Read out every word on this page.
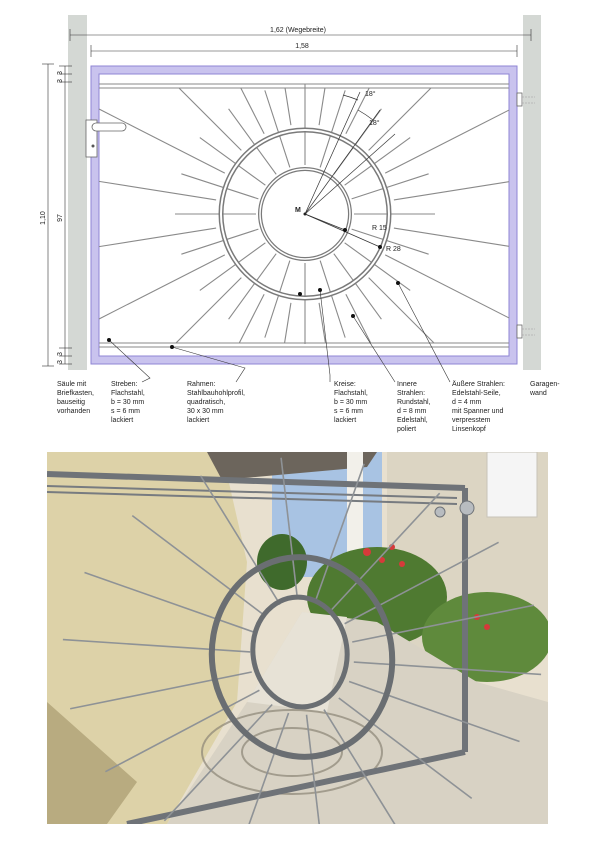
18°
18°
M
R 15
R 28
1,62 (Wegebreite)
1,58
1,10 97
3
3
3
3
Säule mit Briefkasten, bauseitig vorhanden
Streben: Flachstahl, b = 30 mm s = 6 mm lackiert
Rahmen: Stahlbauhohlprofil, quadratisch, 30 x 30 mm lackiert
Kreise: Flachstahl, b = 30 mm s = 6 mm lackiert
Innere Strahlen: Rundstahl, d = 8 mm Edelstahl, poliert
Äußere Strahlen: Edelstahl-Seile, d = 4 mm mit Spanner und verpresstem Linsenkopf
Garagen- wand
